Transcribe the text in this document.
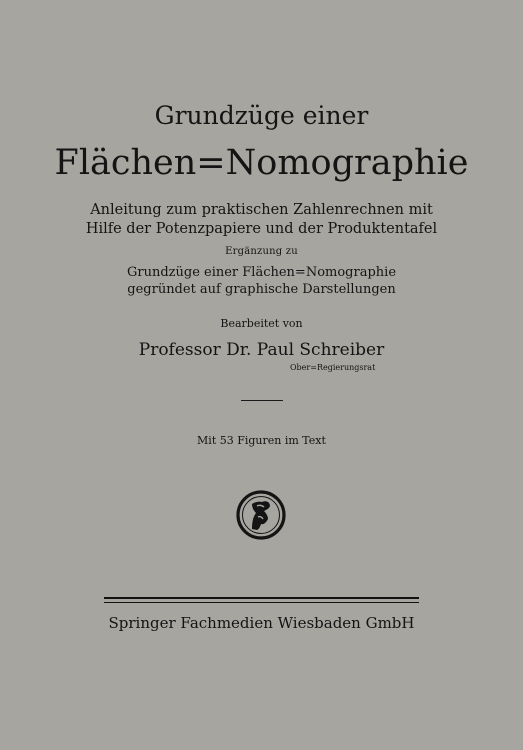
Grundzüge einer
Flächen=Nomographie
Anleitung zum praktischen Zahlenrechnen mit
Hilfe der Potenzpapiere und der Produktentafel
Ergänzung zu
Grundzüge einer Flächen=Nomographie
gegründet auf graphische Darstellungen
Bearbeitet von
Professor Dr. Paul Schreiber
Ober=Regierungsrat
Mit 53 Figuren im Text
Springer Fachmedien Wiesbaden GmbH
